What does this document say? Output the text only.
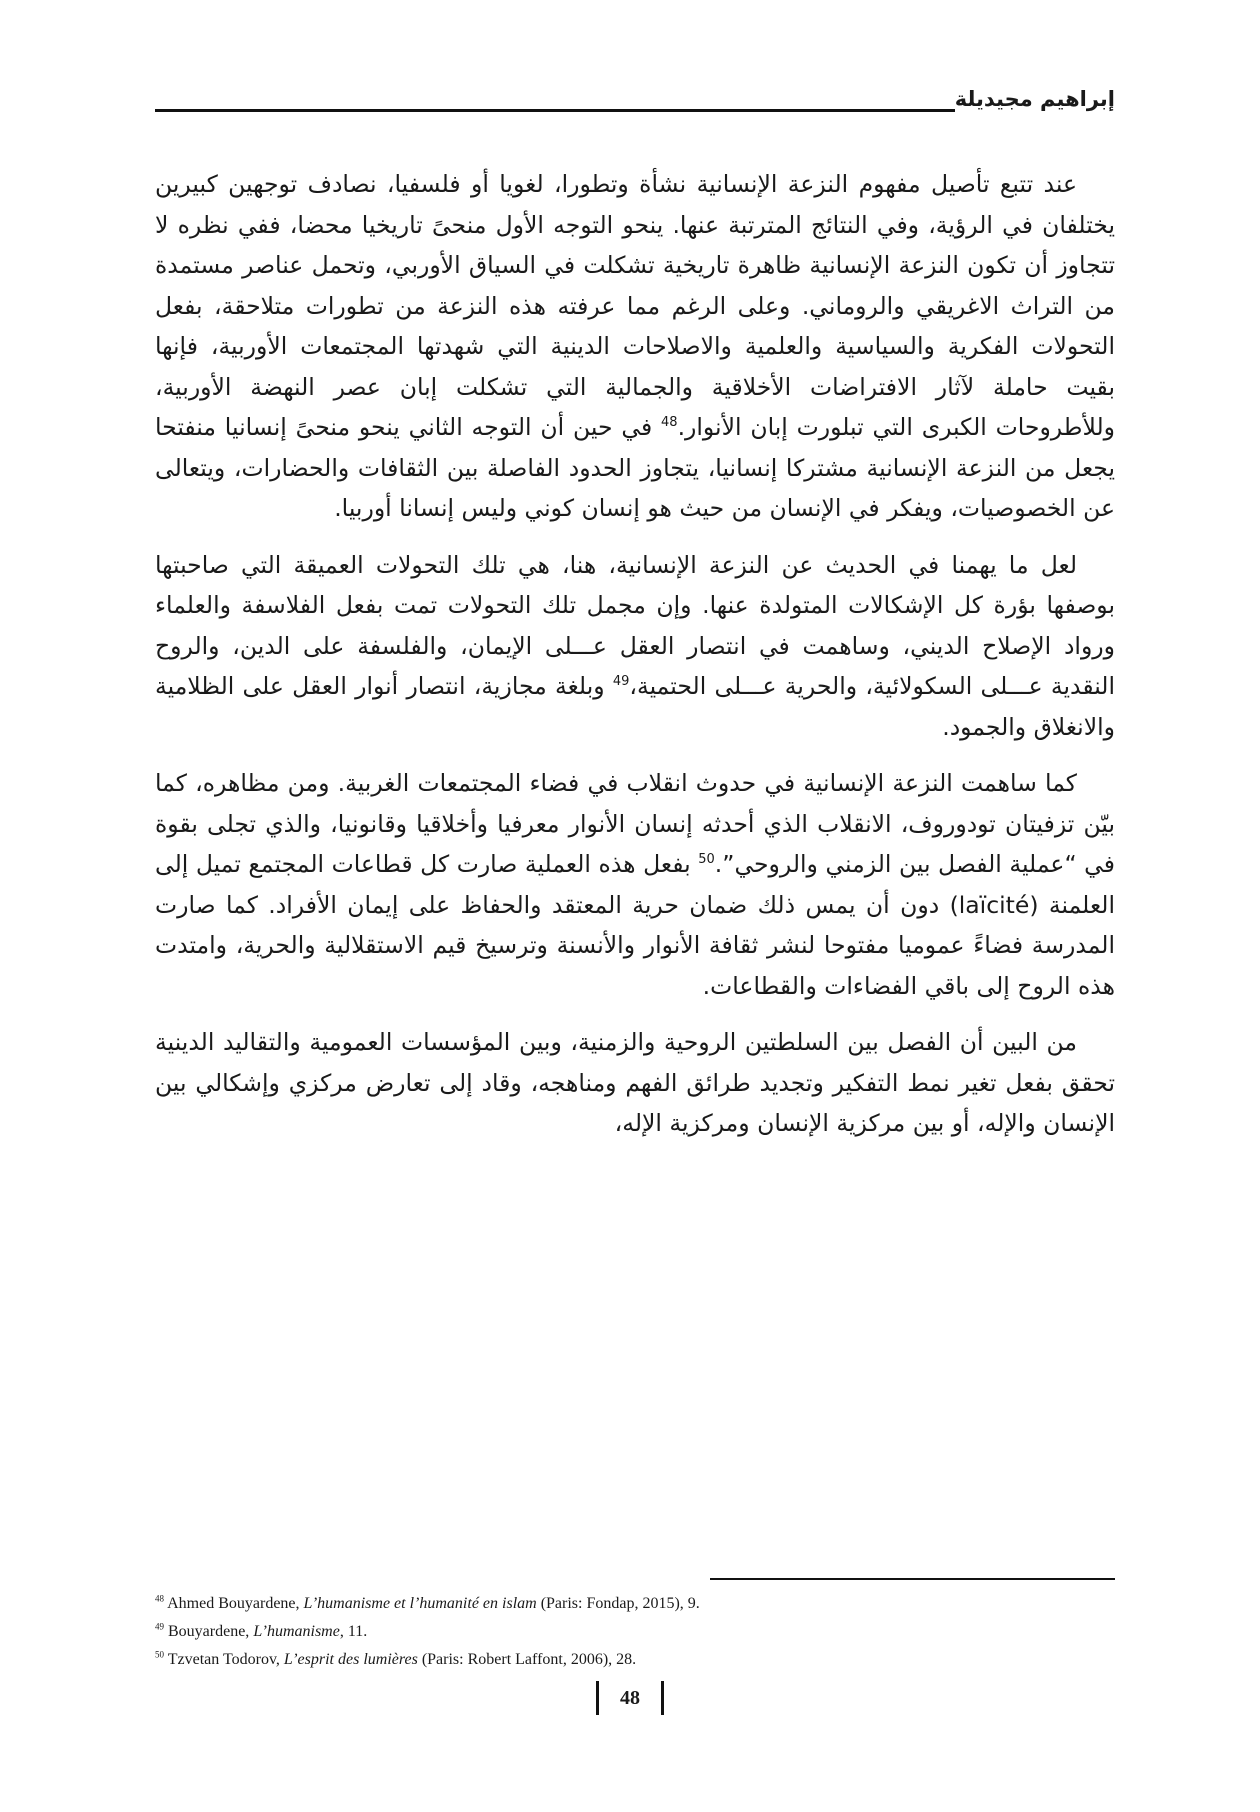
إبراهيم مجيديلة

عند تتبع تأصيل مفهوم النزعة الإنسانية نشأة وتطورا، لغويا أو فلسفيا، نصادف توجهين كبيرين يختلفان في الرؤية، وفي النتائج المترتبة عنها. ينحو التوجه الأول منحىً تاريخيا محضا، ففي نظره لا تتجاوز أن تكون النزعة الإنسانية ظاهرة تاريخية تشكلت في السياق الأوربي، وتحمل عناصر مستمدة من التراث الاغريقي والروماني. وعلى الرغم مما عرفته هذه النزعة من تطورات متلاحقة، بفعل التحولات الفكرية والسياسية والعلمية والاصلاحات الدينية التي شهدتها المجتمعات الأوربية، فإنها بقيت حاملة لآثار الافتراضات الأخلاقية والجمالية التي تشكلت إبان عصر النهضة الأوربية، وللأطروحات الكبرى التي تبلورت إبان الأنوار.$^{48}$ في حين أن التوجه الثاني ينحو منحىً إنسانيا منفتحا يجعل من النزعة الإنسانية مشتركا إنسانيا، يتجاوز الحدود الفاصلة بين الثقافات والحضارات، ويتعالى عن الخصوصيات، ويفكر في الإنسان من حيث هو إنسان كوني وليس إنسانا أوربيا.

لعل ما يهمنا في الحديث عن النزعة الإنسانية، هنا، هي تلك التحولات العميقة التي صاحبتها بوصفها بؤرة كل الإشكالات المتولدة عنها. وإن مجمل تلك التحولات تمت بفعل الفلاسفة والعلماء ورواد الإصلاح الديني، وساهمت في انتصار العقل عـــلى الإيمان، والفلسفة على الدين، والروح النقدية عـــلى السكولائية، والحرية عـــلى الحتمية،$^{49}$ وبلغة مجازية، انتصار أنوار العقل على الظلامية والانغلاق والجمود.

كما ساهمت النزعة الإنسانية في حدوث انقلاب في فضاء المجتمعات الغربية. ومن مظاهره، كما بيّن تزفيتان تودوروف، الانقلاب الذي أحدثه إنسان الأنوار معرفيا وأخلاقيا وقانونيا، والذي تجلى بقوة في “عملية الفصل بين الزمني والروحي”.$^{50}$ بفعل هذه العملية صارت كل قطاعات المجتمع تميل إلى العلمنة (laïcité) دون أن يمس ذلك ضمان حرية المعتقد والحفاظ على إيمان الأفراد. كما صارت المدرسة فضاءً عموميا مفتوحا لنشر ثقافة الأنوار والأنسنة وترسيخ قيم الاستقلالية والحرية، وامتدت هذه الروح إلى باقي الفضاءات والقطاعات.

من البين أن الفصل بين السلطتين الروحية والزمنية، وبين المؤسسات العمومية والتقاليد الدينية تحقق بفعل تغير نمط التفكير وتجديد طرائق الفهم ومناهجه، وقاد إلى تعارض مركزي وإشكالي بين الإنسان والإله، أو بين مركزية الإنسان ومركزية الإله،

$^{48}$ Ahmed Bouyardene, L’humanisme et l’humanité en islam (Paris: Fondap, 2015), 9.
$^{49}$ Bouyardene, L’humanisme, 11.
$^{50}$ Tzvetan Todorov, L’esprit des lumières (Paris: Robert Laffont, 2006), 28.
48
